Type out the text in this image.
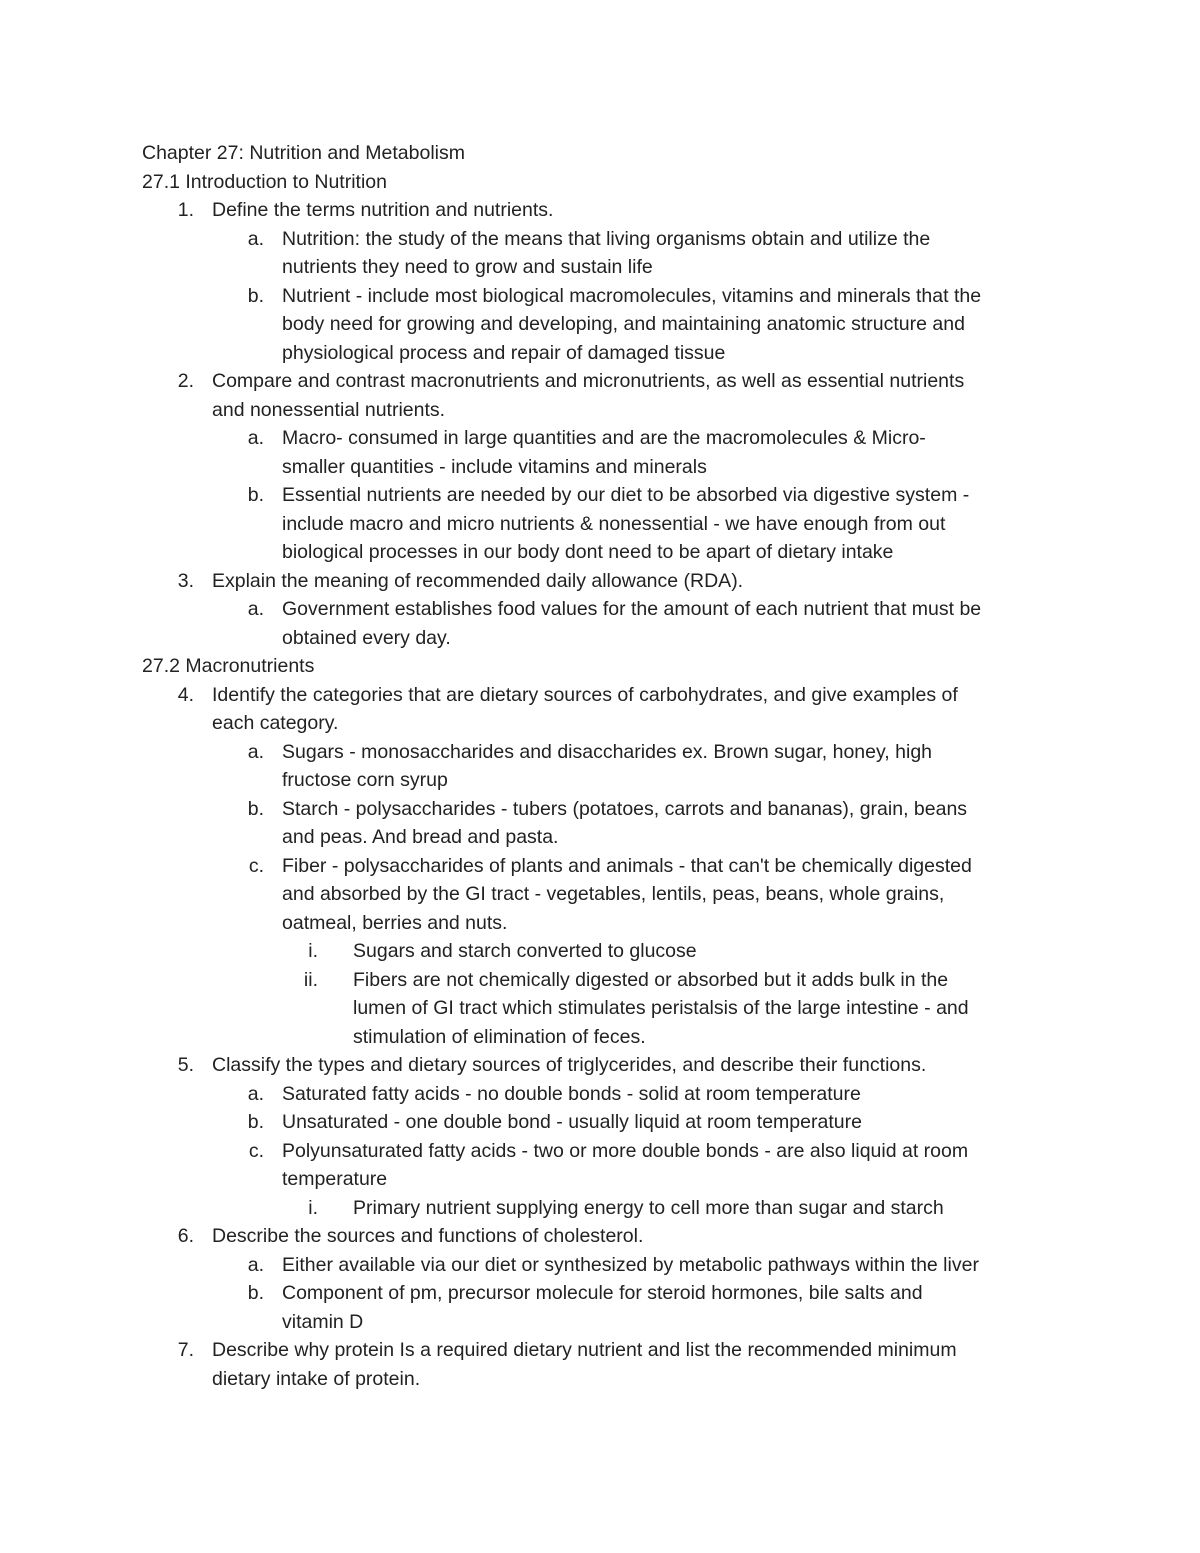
Chapter 27: Nutrition and Metabolism
27.1 Introduction to Nutrition
1. Define the terms nutrition and nutrients.
a. Nutrition: the study of the means that living organisms obtain and utilize the
nutrients they need to grow and sustain life
b. Nutrient - include most biological macromolecules, vitamins and minerals that the
body need for growing and developing, and maintaining anatomic structure and
physiological process and repair of damaged tissue
2. Compare and contrast macronutrients and micronutrients, as well as essential nutrients
and nonessential nutrients.
a. Macro- consumed in large quantities and are the macromolecules & Micro-
smaller quantities - include vitamins and minerals
b. Essential nutrients are needed by our diet to be absorbed via digestive system -
include macro and micro nutrients & nonessential - we have enough from out
biological processes in our body dont need to be apart of dietary intake
3. Explain the meaning of recommended daily allowance (RDA).
a. Government establishes food values for the amount of each nutrient that must be
obtained every day.
27.2 Macronutrients
4. Identify the categories that are dietary sources of carbohydrates, and give examples of
each category.
a. Sugars - monosaccharides and disaccharides ex. Brown sugar, honey, high
fructose corn syrup
b. Starch - polysaccharides - tubers (potatoes, carrots and bananas), grain, beans
and peas. And bread and pasta.
c. Fiber - polysaccharides of plants and animals - that can't be chemically digested
and absorbed by the GI tract - vegetables, lentils, peas, beans, whole grains,
oatmeal, berries and nuts.
i. Sugars and starch converted to glucose
ii. Fibers are not chemically digested or absorbed but it adds bulk in the
lumen of GI tract which stimulates peristalsis of the large intestine - and
stimulation of elimination of feces.
5. Classify the types and dietary sources of triglycerides, and describe their functions.
a. Saturated fatty acids - no double bonds - solid at room temperature
b. Unsaturated - one double bond - usually liquid at room temperature
c. Polyunsaturated fatty acids - two or more double bonds - are also liquid at room
temperature
i. Primary nutrient supplying energy to cell more than sugar and starch
6. Describe the sources and functions of cholesterol.
a. Either available via our diet or synthesized by metabolic pathways within the liver
b. Component of pm, precursor molecule for steroid hormones, bile salts and
vitamin D
7. Describe why protein Is a required dietary nutrient and list the recommended minimum
dietary intake of protein.
